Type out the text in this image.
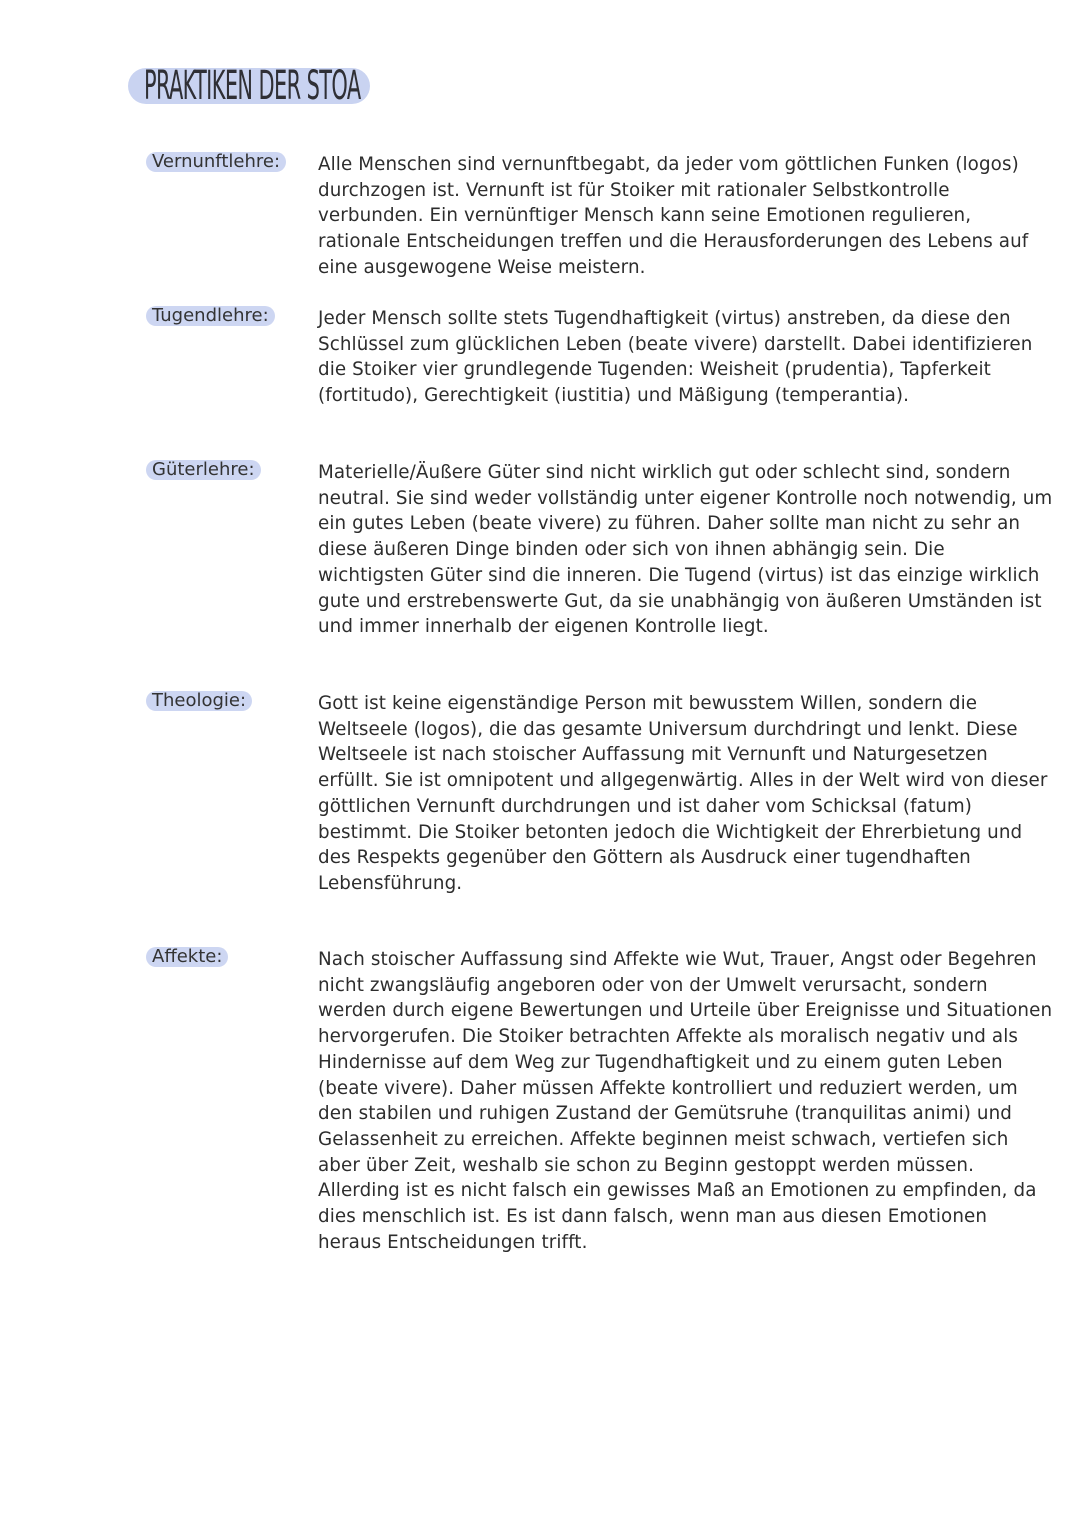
PRAKTIKEN DER STOA
Vernunftlehre:	Alle Menschen sind vernunftbegabt, da jeder vom göttlichen Funken (logos) durchzogen ist. Vernunft ist für Stoiker mit rationaler Selbstkontrolle verbunden. Ein vernünftiger Mensch kann seine Emotionen regulieren, rationale Entscheidungen treffen und die Herausforderungen des Lebens auf eine ausgewogene Weise meistern.

Tugendlehre:	Jeder Mensch sollte stets Tugendhaftigkeit (virtus) anstreben, da diese den Schlüssel zum glücklichen Leben (beate vivere) darstellt. Dabei identifizieren die Stoiker vier grundlegende Tugenden: Weisheit (prudentia), Tapferkeit (fortitudo), Gerechtigkeit (iustitia) und Mäßigung (temperantia).

Güterlehre:	Materielle/Äußere Güter sind nicht wirklich gut oder schlecht sind, sondern neutral. Sie sind weder vollständig unter eigener Kontrolle noch notwendig, um ein gutes Leben (beate vivere) zu führen. Daher sollte man nicht zu sehr an diese äußeren Dinge binden oder sich von ihnen abhängig sein. Die wichtigsten Güter sind die inneren. Die Tugend (virtus) ist das einzige wirklich gute und erstrebenswerte Gut, da sie unabhängig von äußeren Umständen ist und immer innerhalb der eigenen Kontrolle liegt.

Theologie:	Gott ist keine eigenständige Person mit bewusstem Willen, sondern die Weltseele (logos), die das gesamte Universum durchdringt und lenkt. Diese Weltseele ist nach stoischer Auffassung mit Vernunft und Naturgesetzen erfüllt. Sie ist omnipotent und allgegenwärtig. Alles in der Welt wird von dieser göttlichen Vernunft durchdrungen und ist daher vom Schicksal (fatum) bestimmt. Die Stoiker betonten jedoch die Wichtigkeit der Ehrerbietung und des Respekts gegenüber den Göttern als Ausdruck einer tugendhaften Lebensführung.

Affekte:	Nach stoischer Auffassung sind Affekte wie Wut, Trauer, Angst oder Begehren nicht zwangsläufig angeboren oder von der Umwelt verursacht, sondern werden durch eigene Bewertungen und Urteile über Ereignisse und Situationen hervorgerufen. Die Stoiker betrachten Affekte als moralisch negativ und als Hindernisse auf dem Weg zur Tugendhaftigkeit und zu einem guten Leben (beate vivere). Daher müssen Affekte kontrolliert und reduziert werden, um den stabilen und ruhigen Zustand der Gemütsruhe (tranquilitas animi) und Gelassenheit zu erreichen. Affekte beginnen meist schwach, vertiefen sich aber über Zeit, weshalb sie schon zu Beginn gestoppt werden müssen. Allerding ist es nicht falsch ein gewisses Maß an Emotionen zu empfinden, da dies menschlich ist. Es ist dann falsch, wenn man aus diesen Emotionen heraus Entscheidungen trifft.
